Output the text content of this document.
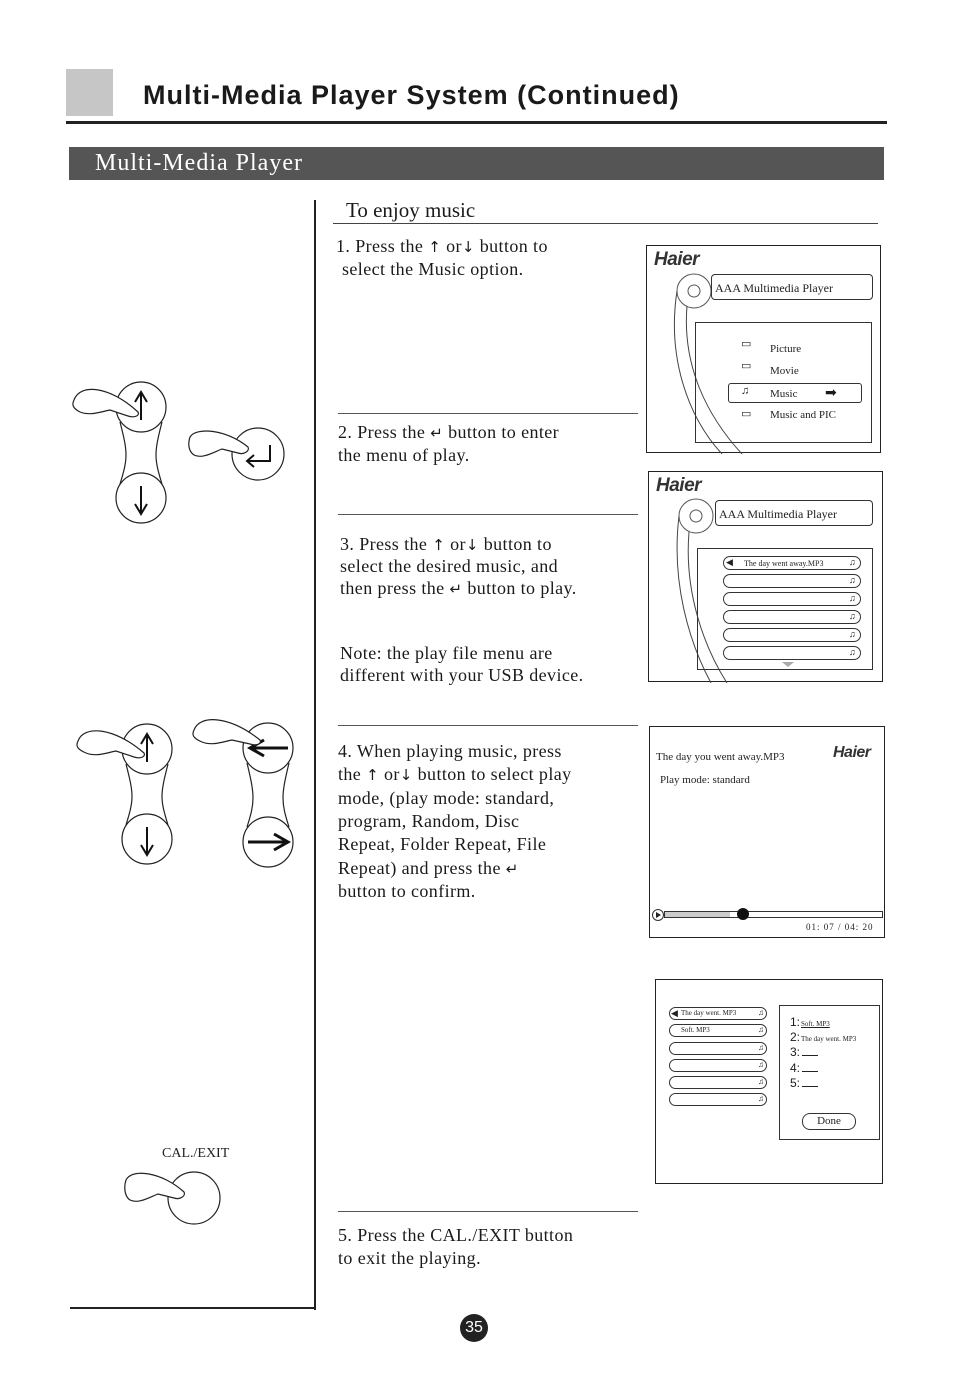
Multi-Media Player System (Continued)
Multi-Media Player
To enjoy music
1. Press the ↑ or↓ button to
select the Music option.
2. Press the ↵ button to enter
the menu of play.
3. Press the ↑ or↓ button to
select the desired music, and
then press the ↵ button to play.
Note: the play file menu are
different with your USB device.
4. When playing music, press
the ↑ or↓ button to select play
mode, (play mode: standard,
program, Random, Disc
Repeat, Folder Repeat, File
Repeat) and press the ↵
button to confirm.
5. Press the CAL./EXIT button
to exit the playing.
Haier
AAA Multimedia Player
▭ Picture
▭ Movie
♫ Music ➡
▭ Music and PIC
Haier
AAA Multimedia Player
◀ The day went away.MP3	♫
♫
♫
♫
♫
♫
The day you went away.MP3	Haier
Play mode: standard
01: 07 / 04: 20
◀ The day went. MP3	♫
Soft. MP3	♫
♫
♫
♫
♫
1:Soft. MP3
2:The day went. MP3
3:
4:
5:
Done
CAL./EXIT
35
